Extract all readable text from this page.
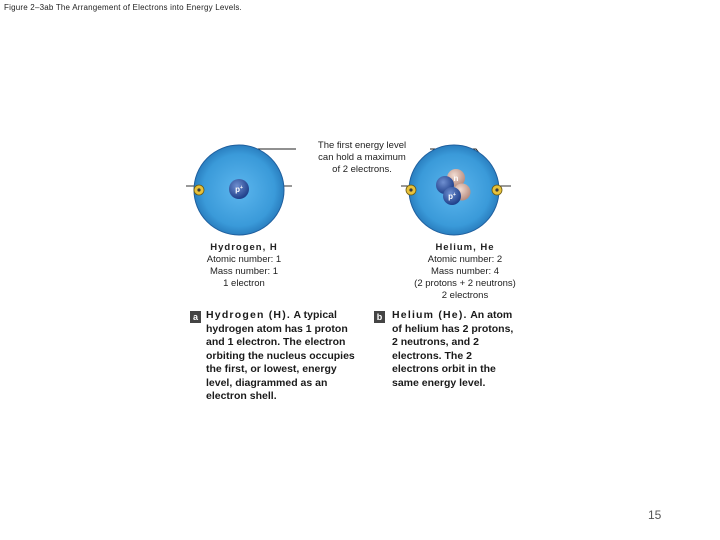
Figure 2–3ab The Arrangement of Electrons into Energy Levels.
p+
n
p+
The first energy level
can hold a maximum
of 2 electrons.
Hydrogen, H
Atomic number: 1
Mass number: 1
1 electron
Helium, He
Atomic number: 2
Mass number: 4
(2 protons + 2 neutrons)
2 electrons
a Hydrogen (H). A typical
hydrogen atom has 1 proton
and 1 electron. The electron
orbiting the nucleus occupies
the first, or lowest, energy
level, diagrammed as an
electron shell.
b Helium (He). An atom
of helium has 2 protons,
2 neutrons, and 2
electrons. The 2
electrons orbit in the
same energy level.
15
